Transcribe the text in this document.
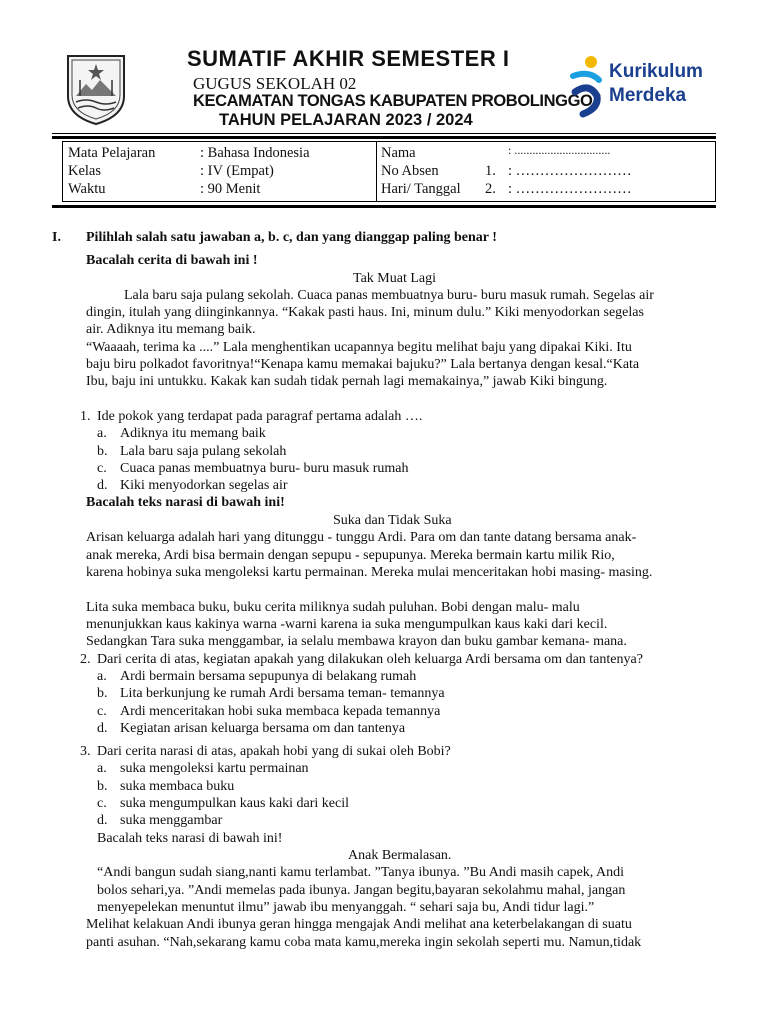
SUMATIF AKHIR SEMESTER I
GUGUS SEKOLAH 02
KECAMATAN TONGAS KABUPATEN PROBOLINGGO
TAHUN PELAJARAN 2023 / 2024
Kurikulum
Merdeka
Mata Pelajaran	: Bahasa Indonesia
Kelas	: IV (Empat)
Waktu	: 90 Menit
Nama	: ................................
No Absen	1. : ……………………
Hari/ Tanggal 2. : ……………………
I. Pilihlah salah satu jawaban a, b. c, dan yang dianggap paling benar !
Bacalah cerita di bawah ini !
Tak Muat Lagi
Lala baru saja pulang sekolah. Cuaca panas membuatnya buru- buru masuk rumah. Segelas air
dingin, itulah yang diinginkannya. “Kakak pasti haus. Ini, minum dulu.” Kiki menyodorkan segelas
air. Adiknya itu memang baik.
“Waaaah, terima ka ....” Lala menghentikan ucapannya begitu melihat baju yang dipakai Kiki. Itu
baju biru polkadot favoritnya!“Kenapa kamu memakai bajuku?” Lala bertanya dengan kesal.“Kata
Ibu, baju ini untukku. Kakak kan sudah tidak pernah lagi memakainya,” jawab Kiki bingung.
1. Ide pokok yang terdapat pada paragraf pertama adalah ….
a. Adiknya itu memang baik
b. Lala baru saja pulang sekolah
c. Cuaca panas membuatnya buru- buru masuk rumah
d. Kiki menyodorkan segelas air
Bacalah teks narasi di bawah ini!
Suka dan Tidak Suka
Arisan keluarga adalah hari yang ditunggu - tunggu Ardi. Para om dan tante datang bersama anak-
anak mereka, Ardi bisa bermain dengan sepupu - sepupunya. Mereka bermain kartu milik Rio,
karena hobinya suka mengoleksi kartu permainan. Mereka mulai menceritakan hobi masing- masing.
Lita suka membaca buku, buku cerita miliknya sudah puluhan. Bobi dengan malu- malu
menunjukkan kaus kakinya warna -warni karena ia suka mengumpulkan kaus kaki dari kecil.
Sedangkan Tara suka menggambar, ia selalu membawa krayon dan buku gambar kemana- mana.
2. Dari cerita di atas, kegiatan apakah yang dilakukan oleh keluarga Ardi bersama om dan tantenya?
a. Ardi bermain bersama sepupunya di belakang rumah
b. Lita berkunjung ke rumah Ardi bersama teman- temannya
c. Ardi menceritakan hobi suka membaca kepada temannya
d. Kegiatan arisan keluarga bersama om dan tantenya
3. Dari cerita narasi di atas, apakah hobi yang di sukai oleh Bobi?
a. suka mengoleksi kartu permainan
b. suka membaca buku
c. suka mengumpulkan kaus kaki dari kecil
d. suka menggambar
Bacalah teks narasi di bawah ini!
Anak Bermalasan.
“Andi bangun sudah siang,nanti kamu terlambat. ”Tanya ibunya. ”Bu Andi masih capek, Andi
bolos sehari,ya. ”Andi memelas pada ibunya. Jangan begitu,bayaran sekolahmu mahal, jangan
menyepelekan menuntut ilmu” jawab ibu menyanggah. “ sehari saja bu, Andi tidur lagi.”
Melihat kelakuan Andi ibunya geran hingga mengajak Andi melihat ana keterbelakangan di suatu
panti asuhan. “Nah,sekarang kamu coba mata kamu,mereka ingin sekolah seperti mu. Namun,tidak
